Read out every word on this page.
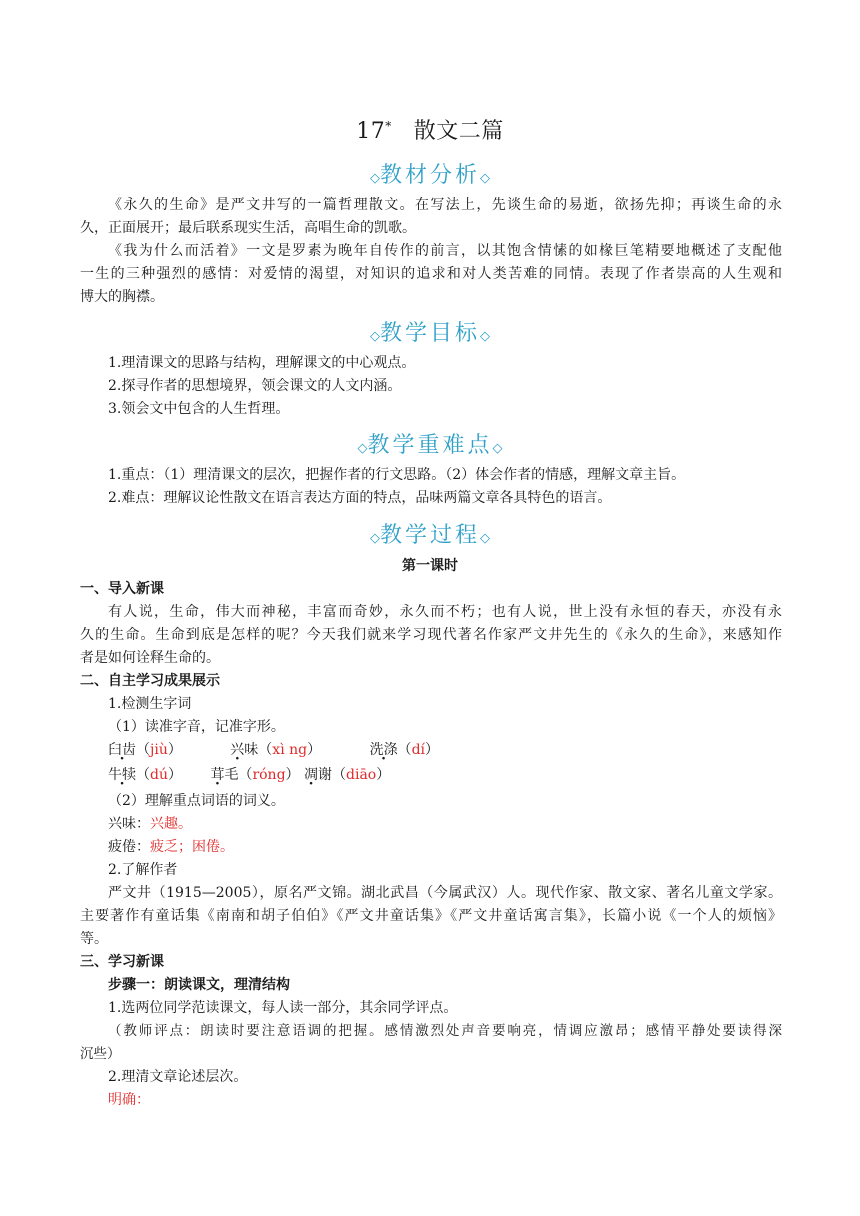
17* 散文二篇
◇教材分析◇
《永久的生命》是严文井写的一篇哲理散文。在写法上，先谈生命的易逝，欲扬先抑；再谈生命的永
久，正面展开；最后联系现实生活，高唱生命的凯歌。
《我为什么而活着》一文是罗素为晚年自传作的前言，以其饱含情愫的如椽巨笔精要地概述了支配他
一生的三种强烈的感情：对爱情的渴望，对知识的追求和对人类苦难的同情。表现了作者崇高的人生观和
博大的胸襟。
◇教学目标◇
1.理清课文的思路与结构，理解课文的中心观点。
2.探寻作者的思想境界，领会课文的人文内涵。
3.领会文中包含的人生哲理。
◇教学重难点◇
1.重点：（1）理清课文的层次，把握作者的行文思路。（2）体会作者的情感，理解文章主旨。
2.难点：理解议论性散文在语言表达方面的特点，品味两篇文章各具特色的语言。
◇教学过程◇
第一课时
一、导入新课
有人说，生命，伟大而神秘，丰富而奇妙，永久而不朽；也有人说，世上没有永恒的春天，亦没有永
久的生命。生命到底是怎样的呢？今天我们就来学习现代著名作家严文井先生的《永久的生命》，来感知作
者是如何诠释生命的。
二、自主学习成果展示
1.检测生字词
（1）读准字音，记准字形。
臼齿（jiù）	兴味（xì ng）	洗涤（dí）
牛犊（dú） 茸毛（róng） 凋谢（diāo）
（2）理解重点词语的词义。
兴味：兴趣。
疲倦：疲乏；困倦。
2.了解作者
严文井（1915—2005），原名严文锦。湖北武昌（今属武汉）人。现代作家、散文家、著名儿童文学家。
主要著作有童话集《南南和胡子伯伯》《严文井童话集》《严文井童话寓言集》，长篇小说《一个人的烦恼》
等。
三、学习新课
步骤一：朗读课文，理清结构
1.选两位同学范读课文，每人读一部分，其余同学评点。
（教师评点：朗读时要注意语调的把握。感情激烈处声音要响亮，情调应激昂；感情平静处要读得深
沉些）
2.理清文章论述层次。
明确：
